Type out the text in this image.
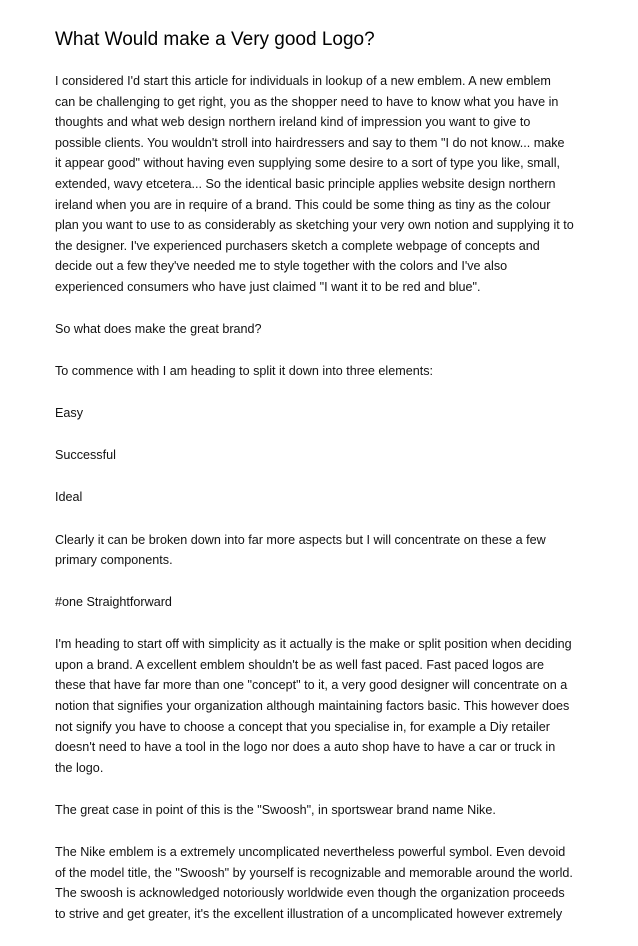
What Would make a Very good Logo?

I considered I'd start this article for individuals in lookup of a new emblem. A new emblem
can be challenging to get right, you as the shopper need to have to know what you have in
thoughts and what web design northern ireland kind of impression you want to give to
possible clients. You wouldn't stroll into hairdressers and say to them "I do not know... make
it appear good" without having even supplying some desire to a sort of type you like, small,
extended, wavy etcetera... So the identical basic principle applies website design northern
ireland when you are in require of a brand. This could be some thing as tiny as the colour
plan you want to use to as considerably as sketching your very own notion and supplying it to
the designer. I've experienced purchasers sketch a complete webpage of concepts and
decide out a few they've needed me to style together with the colors and I've also
experienced consumers who have just claimed "I want it to be red and blue".

So what does make the great brand?

To commence with I am heading to split it down into three elements:

Easy

Successful

Ideal

Clearly it can be broken down into far more aspects but I will concentrate on these a few
primary components.

#one Straightforward

I'm heading to start off with simplicity as it actually is the make or split position when deciding
upon a brand. A excellent emblem shouldn't be as well fast paced. Fast paced logos are
these that have far more than one "concept" to it, a very good designer will concentrate on a
notion that signifies your organization although maintaining factors basic. This however does
not signify you have to choose a concept that you specialise in, for example a Diy retailer
doesn't need to have a tool in the logo nor does a auto shop have to have a car or truck in
the logo.

The great case in point of this is the "Swoosh", in sportswear brand name Nike.

The Nike emblem is a extremely uncomplicated nevertheless powerful symbol. Even devoid
of the model title, the "Swoosh" by yourself is recognizable and memorable around the world.
The swoosh is acknowledged notoriously worldwide even though the organization proceeds
to strive and get greater, it's the excellent illustration of a uncomplicated however extremely
